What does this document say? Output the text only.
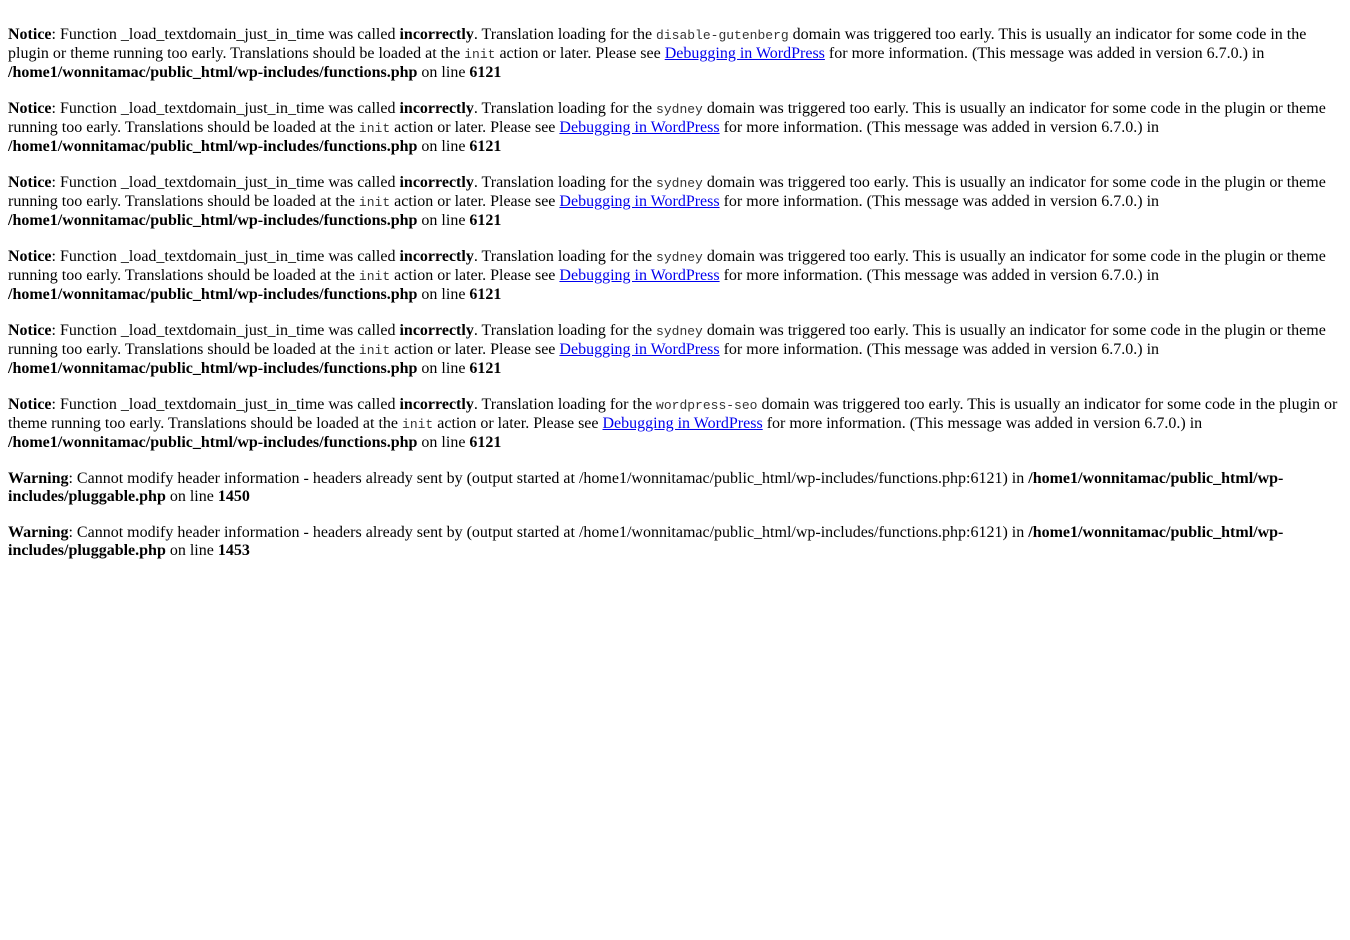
Notice: Function _load_textdomain_just_in_time was called incorrectly. Translation loading for the disable-gutenberg domain was triggered too early. This is usually an indicator for some code in the plugin or theme running too early. Translations should be loaded at the init action or later. Please see Debugging in WordPress for more information. (This message was added in version 6.7.0.) in /home1/wonnitamac/public_html/wp-includes/functions.php on line 6121

Notice: Function _load_textdomain_just_in_time was called incorrectly. Translation loading for the sydney domain was triggered too early. This is usually an indicator for some code in the plugin or theme running too early. Translations should be loaded at the init action or later. Please see Debugging in WordPress for more information. (This message was added in version 6.7.0.) in /home1/wonnitamac/public_html/wp-includes/functions.php on line 6121

Notice: Function _load_textdomain_just_in_time was called incorrectly. Translation loading for the sydney domain was triggered too early. This is usually an indicator for some code in the plugin or theme running too early. Translations should be loaded at the init action or later. Please see Debugging in WordPress for more information. (This message was added in version 6.7.0.) in /home1/wonnitamac/public_html/wp-includes/functions.php on line 6121

Notice: Function _load_textdomain_just_in_time was called incorrectly. Translation loading for the sydney domain was triggered too early. This is usually an indicator for some code in the plugin or theme running too early. Translations should be loaded at the init action or later. Please see Debugging in WordPress for more information. (This message was added in version 6.7.0.) in /home1/wonnitamac/public_html/wp-includes/functions.php on line 6121

Notice: Function _load_textdomain_just_in_time was called incorrectly. Translation loading for the sydney domain was triggered too early. This is usually an indicator for some code in the plugin or theme running too early. Translations should be loaded at the init action or later. Please see Debugging in WordPress for more information. (This message was added in version 6.7.0.) in /home1/wonnitamac/public_html/wp-includes/functions.php on line 6121

Notice: Function _load_textdomain_just_in_time was called incorrectly. Translation loading for the wordpress-seo domain was triggered too early. This is usually an indicator for some code in the plugin or theme running too early. Translations should be loaded at the init action or later. Please see Debugging in WordPress for more information. (This message was added in version 6.7.0.) in /home1/wonnitamac/public_html/wp-includes/functions.php on line 6121

Warning: Cannot modify header information - headers already sent by (output started at /home1/wonnitamac/public_html/wp-includes/functions.php:6121) in /home1/wonnitamac/public_html/wp-includes/pluggable.php on line 1450

Warning: Cannot modify header information - headers already sent by (output started at /home1/wonnitamac/public_html/wp-includes/functions.php:6121) in /home1/wonnitamac/public_html/wp-includes/pluggable.php on line 1453
